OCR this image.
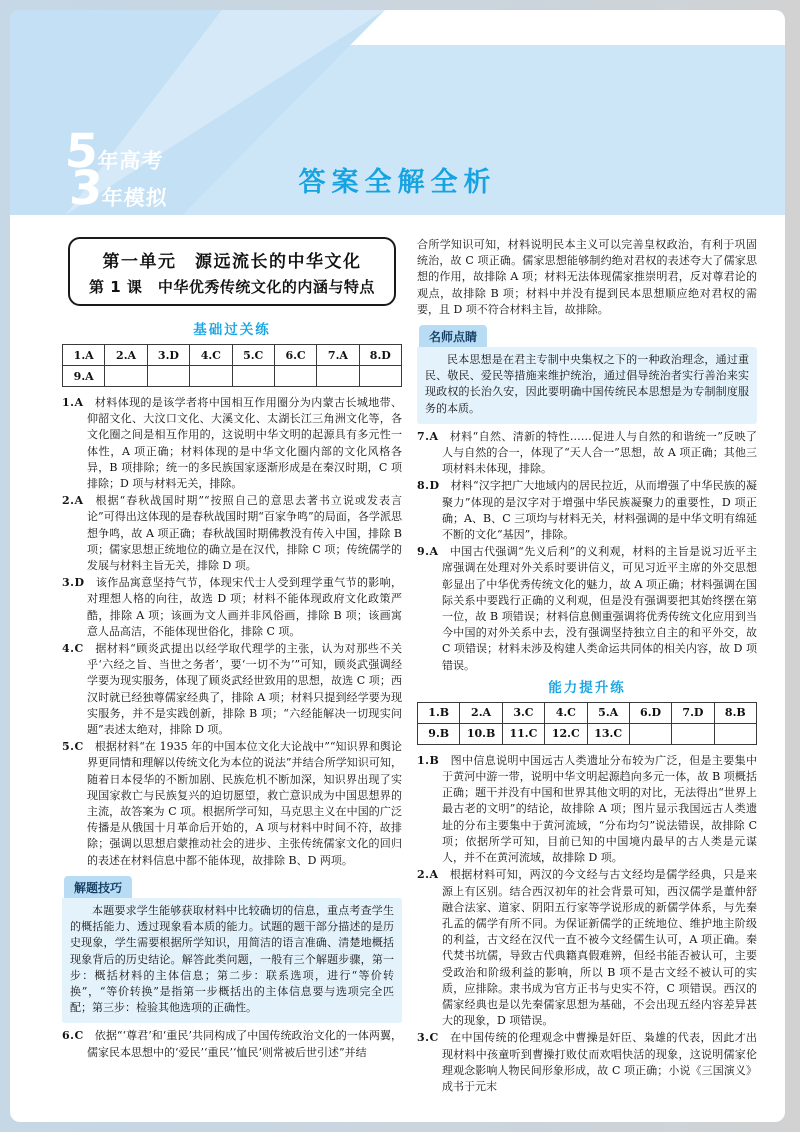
5
年高考
3
年模拟	答案全解全析
第一单元　源远流长的中华文化
第 1 课　中华优秀传统文化的内涵与特点
基础过关练
1.A	2.A	3.D	4.C	5.C	6.C	7.A	8.D
9.A							

1.A 材料体现的是该学者将中国相互作用圈分为内蒙古长城地带、仰韶文化、大汶口文化、大溪文化、太湖长江三角洲文化等，各文化圈之间是相互作用的，这说明中华文明的起源具有多元性一体性，A 项正确；材料体现的是中华文化圈内部的文化风格各异，B 项排除；统一的多民族国家逐渐形成是在秦汉时期，C 项排除；D 项与材料无关，排除。

2.A 根据“春秋战国时期”“按照自己的意思去著书立说或发表言论”可得出这体现的是春秋战国时期“百家争鸣”的局面，各学派思想争鸣，故 A 项正确；春秋战国时期佛教没有传入中国，排除 B 项；儒家思想正统地位的确立是在汉代，排除 C 项；传统儒学的发展与材料主旨无关，排除 D 项。

3.D 该作品寓意坚持气节，体现宋代士人受到理学重气节的影响，对理想人格的向往，故选 D 项；材料不能体现政府文化政策严酷，排除 A 项；该画为文人画并非风俗画，排除 B 项；该画寓意人品高洁，不能体现世俗化，排除 C 项。

4.C 据材料“顾炎武提出以经学取代理学的主张，认为对那些不关乎‘六经之旨、当世之务者’，要‘一切不为’”可知，顾炎武强调经学要为现实服务，体现了顾炎武经世致用的思想，故选 C 项；西汉时就已经独尊儒家经典了，排除 A 项；材料只提到经学要为现实服务，并不是实践创新，排除 B 项；“六经能解决一切现实问题”表述太绝对，排除 D 项。

5.C 根据材料“在 1935 年的中国本位文化大论战中”“知识界和舆论界更同情和理解以传统文化为本位的说法”并结合所学知识可知，随着日本侵华的不断加剧、民族危机不断加深，知识界出现了实现国家救亡与民族复兴的迫切愿望，救亡意识成为中国思想界的主流，故答案为 C 项。根据所学可知，马克思主义在中国的广泛传播是从俄国十月革命后开始的，A 项与材料中时间不符，故排除；强调以思想启蒙推动社会的进步、主张传统儒家文化的回归的表述在材料信息中都不能体现，故排除 B、D 两项。

解题技巧
本题要求学生能够获取材料中比较确切的信息，重点考查学生的概括能力、透过现象看本质的能力。试题的题干部分描述的是历史现象，学生需要根据所学知识，用简洁的语言准确、清楚地概括现象背后的历史结论。解答此类问题，一般有三个解题步骤，第一步：概括材料的主体信息；第二步：联系选项，进行“等价转换”，“等价转换”是指第一步概括出的主体信息要与选项完全匹配；第三步：检验其他选项的正确性。

6.C 依据“‘尊君’和‘重民’共同构成了中国传统政治文化的一体两翼，儒家民本思想中的‘爱民’‘重民’‘恤民’则常被后世引述”并结

合所学知识可知，材料说明民本主义可以完善皇权政治，有利于巩固统治，故 C 项正确。儒家思想能够制约绝对君权的表述夸大了儒家思想的作用，故排除 A 项；材料无法体现儒家推崇明君，反对尊君论的观点，故排除 B 项；材料中并没有提到民本思想顺应绝对君权的需要，且 D 项不符合材料主旨，故排除。

名师点睛
民本思想是在君主专制中央集权之下的一种政治理念，通过重民、敬民、爱民等措施来维护统治，通过倡导统治者实行善治来实现政权的长治久安，因此要明确中国传统民本思想是为专制制度服务的本质。

7.A 材料“自然、清新的特性……促进人与自然的和谐统一”反映了人与自然的合一，体现了“天人合一”思想，故 A 项正确；其他三项材料未体现，排除。

8.D 材料“汉字把广大地域内的居民拉近，从而增强了中华民族的凝聚力”体现的是汉字对于增强中华民族凝聚力的重要性，D 项正确；A、B、C 三项均与材料无关，材料强调的是中华文明有绵延不断的文化“基因”，排除。

9.A 中国古代强调“先义后利”的义利观，材料的主旨是说习近平主席强调在处理对外关系时要讲信义，可见习近平主席的外交思想彰显出了中华优秀传统文化的魅力，故 A 项正确；材料强调在国际关系中要践行正确的义利观，但是没有强调要把其始终摆在第一位，故 B 项错误；材料信息侧重强调将优秀传统文化应用到当今中国的对外关系中去，没有强调坚持独立自主的和平外交，故 C 项错误；材料未涉及构建人类命运共同体的相关内容，故 D 项错误。

能力提升练
1.B	2.A	3.C	4.C	5.A	6.D	7.D	8.B
9.B	10.B	11.C	12.C	13.C			

1.B 图中信息说明中国远古人类遗址分布较为广泛，但是主要集中于黄河中游一带，说明中华文明起源趋向多元一体，故 B 项概括正确；题干并没有中国和世界其他文明的对比，无法得出“世界上最古老的文明”的结论，故排除 A 项；图片显示我国远古人类遗址的分布主要集中于黄河流域，“分布均匀”说法错误，故排除 C 项；依据所学可知，目前已知的中国境内最早的古人类是元谋人，并不在黄河流域，故排除 D 项。

2.A 根据材料可知，两汉的今文经与古文经均是儒学经典，只是来源上有区别。结合西汉初年的社会背景可知，西汉儒学是董仲舒融合法家、道家、阴阳五行家等学说形成的新儒学体系，与先秦孔孟的儒学有所不同。为保证新儒学的正统地位、维护地主阶级的利益，古文经在汉代一直不被今文经儒生认可，A 项正确。秦代焚书坑儒，导致古代典籍真假难辨，但经书能否被认可，主要受政治和阶级利益的影响，所以 B 项不是古文经不被认可的实质，应排除。隶书成为官方正书与史实不符，C 项错误。西汉的儒家经典也是以先秦儒家思想为基础，不会出现五经内容差异甚大的现象，D 项错误。

3.C 在中国传统的伦理观念中曹操是奸臣、枭雄的代表，因此才出现材料中孩童听到曹操打败仗而欢唱快活的现象，这说明儒家伦理观念影响人物民间形象形成，故 C 项正确；小说《三国演义》成书于元末
